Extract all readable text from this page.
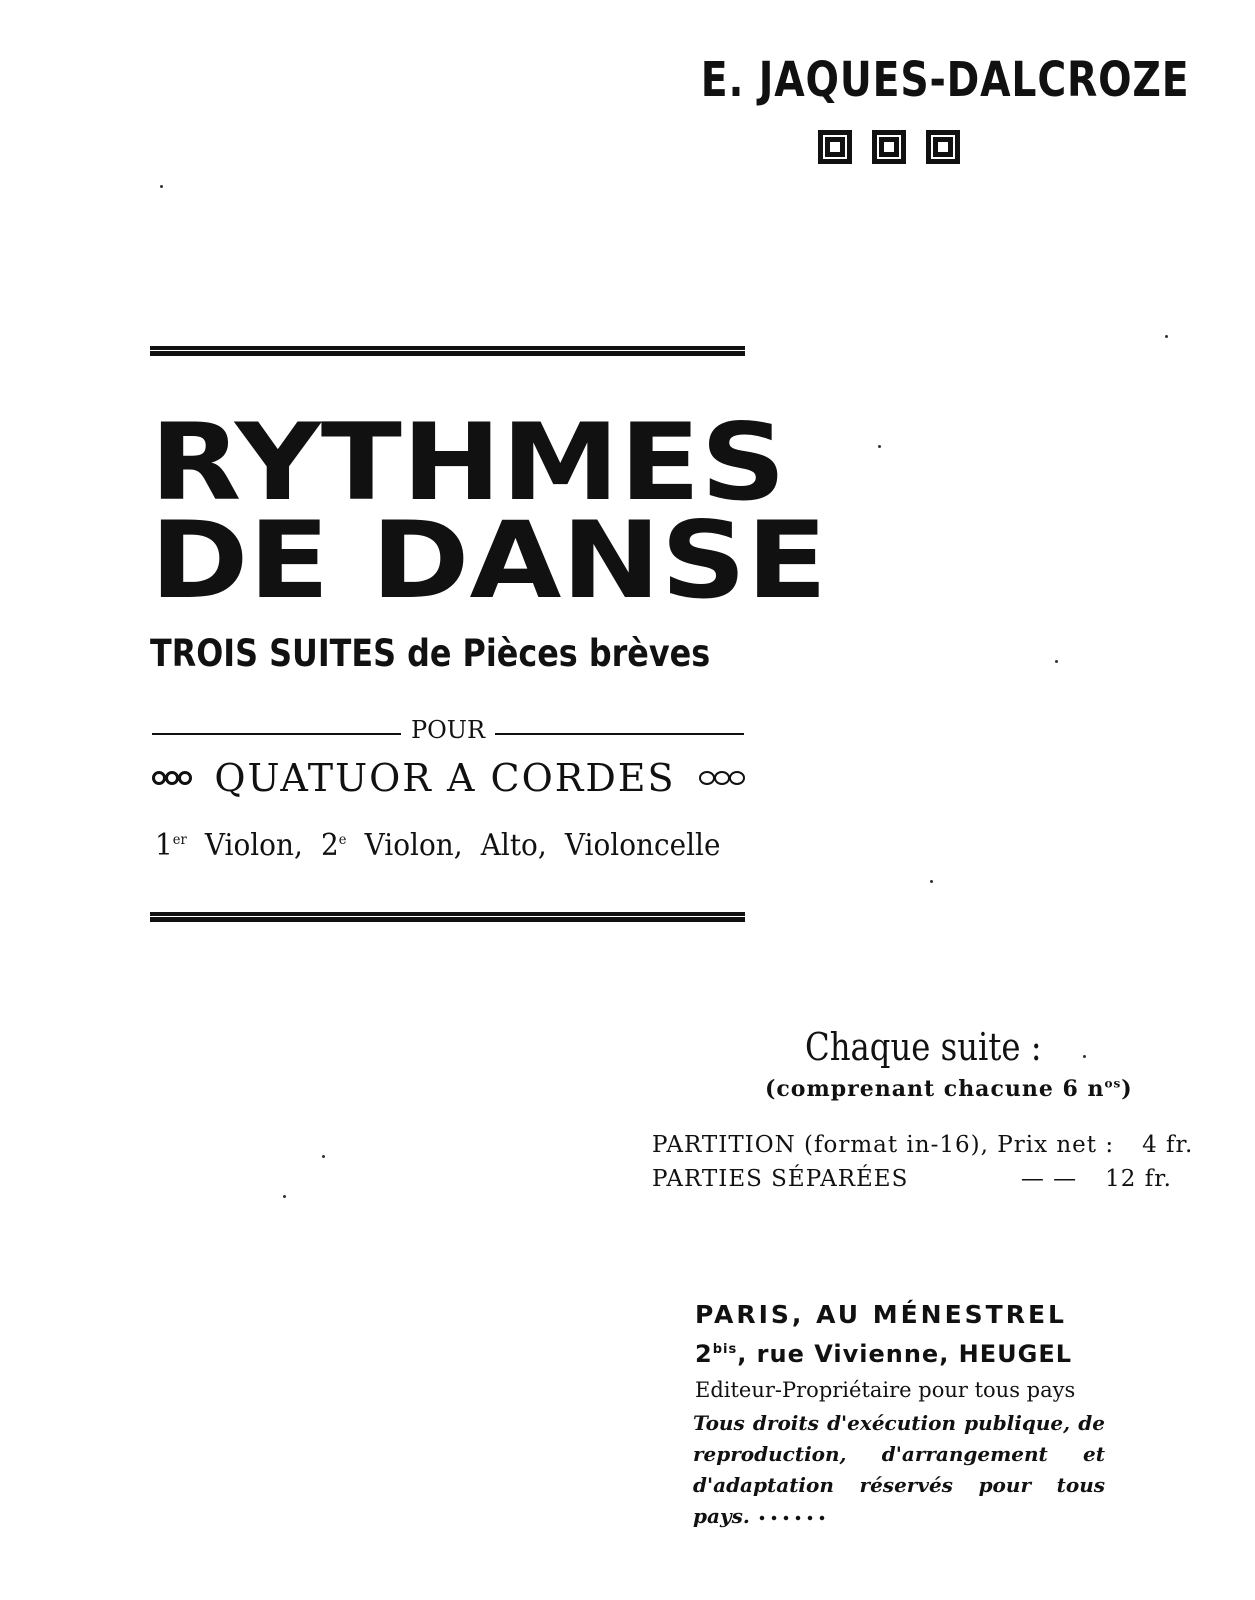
E. JAQUES-DALCROZE
RYTHMES
DE DANSE
TROIS SUITES de Pièces brèves
POUR
QUATUOR A CORDES
1er Violon, 2e Violon, Alto, Violoncelle
Chaque suite :
(comprenant chacune 6 $n^{os}$)
PARTITION (format in-16), Prix net : 4 fr.
PARTIES SÉPARÉES	— —	12 fr.
PARIS, AU MÉNESTREL
$2^{bis}$, rue Vivienne, HEUGEL
Editeur-Propriétaire pour tous pays
Tous droits d'exécution publique, de reproduction, d'arrangement et d'adaptation réservés pour tous pays.
